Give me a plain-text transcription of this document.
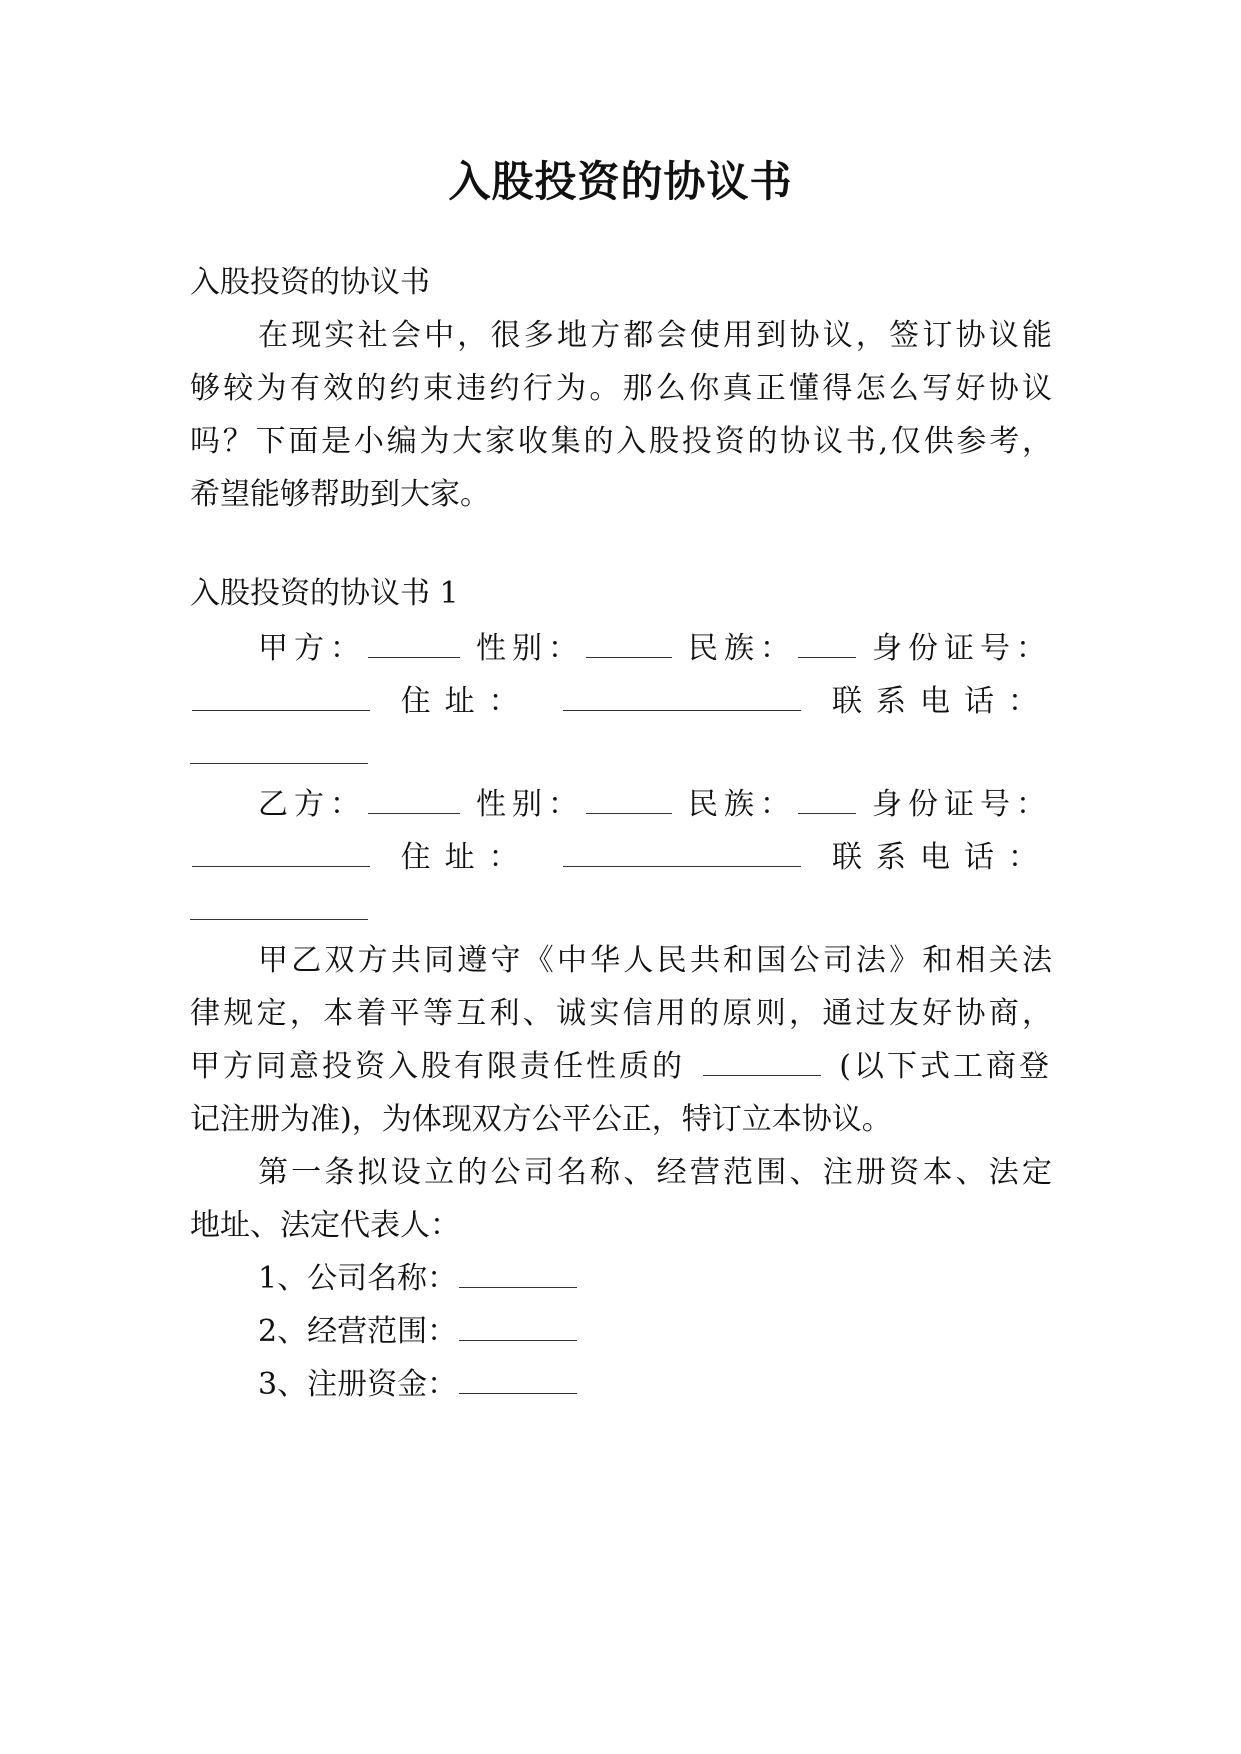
入股投资的协议书
入股投资的协议书
在现实社会中，很多地方都会使用到协议，签订协议能
够较为有效的约束违约行为。那么你真正懂得怎么写好协议
吗？下面是小编为大家收集的入股投资的协议书,仅供参考，
希望能够帮助到大家。
入股投资的协议书 1
甲方：	性别：	民族：	身份证号：
住址：	联系电话：
乙方：	性别：	民族：	身份证号：
住址：	联系电话：
甲乙双方共同遵守《中华人民共和国公司法》和相关法
律规定，本着平等互利、诚实信用的原则，通过友好协商，
甲方同意投资入股有限责任性质的	(以下式工商登
记注册为准)，为体现双方公平公正，特订立本协议。
第一条拟设立的公司名称、经营范围、注册资本、法定
地址、法定代表人：
1、公司名称：
2、经营范围：
3、注册资金：
